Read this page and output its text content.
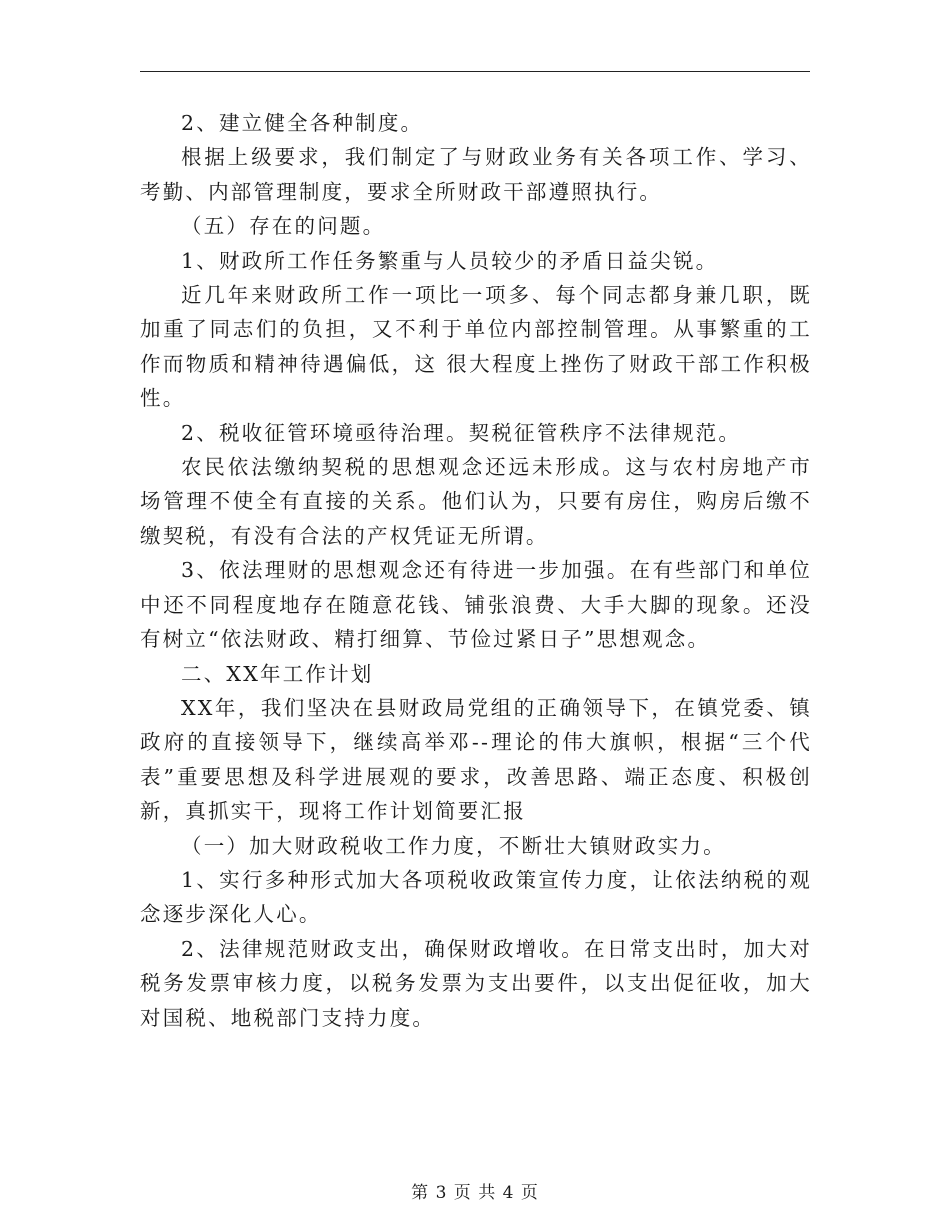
2、建立健全各种制度。

根据上级要求，我们制定了与财政业务有关各项工作、学习、考勤、内部管理制度，要求全所财政干部遵照执行。

（五）存在的问题。

1、财政所工作任务繁重与人员较少的矛盾日益尖锐。

近几年来财政所工作一项比一项多、每个同志都身兼几职，既加重了同志们的负担，又不利于单位内部控制管理。从事繁重的工作而物质和精神待遇偏低，这 很大程度上挫伤了财政干部工作积极性。

2、税收征管环境亟待治理。契税征管秩序不法律规范。

农民依法缴纳契税的思想观念还远未形成。这与农村房地产市场管理不使全有直接的关系。他们认为，只要有房住，购房后缴不缴契税，有没有合法的产权凭证无所谓。

3、依法理财的思想观念还有待进一步加强。在有些部门和单位中还不同程度地存在随意花钱、铺张浪费、大手大脚的现象。还没有树立“依法财政、精打细算、节俭过紧日子”思想观念。

二、XX年工作计划

XX年，我们坚决在县财政局党组的正确领导下，在镇党委、镇政府的直接领导下，继续高举邓--理论的伟大旗帜，根据“三个代表”重要思想及科学进展观的要求，改善思路、端正态度、积极创新，真抓实干，现将工作计划简要汇报

（一）加大财政税收工作力度，不断壮大镇财政实力。

1、实行多种形式加大各项税收政策宣传力度，让依法纳税的观念逐步深化人心。

2、法律规范财政支出，确保财政增收。在日常支出时，加大对税务发票审核力度，以税务发票为支出要件，以支出促征收，加大对国税、地税部门支持力度。

第 3 页 共 4 页
